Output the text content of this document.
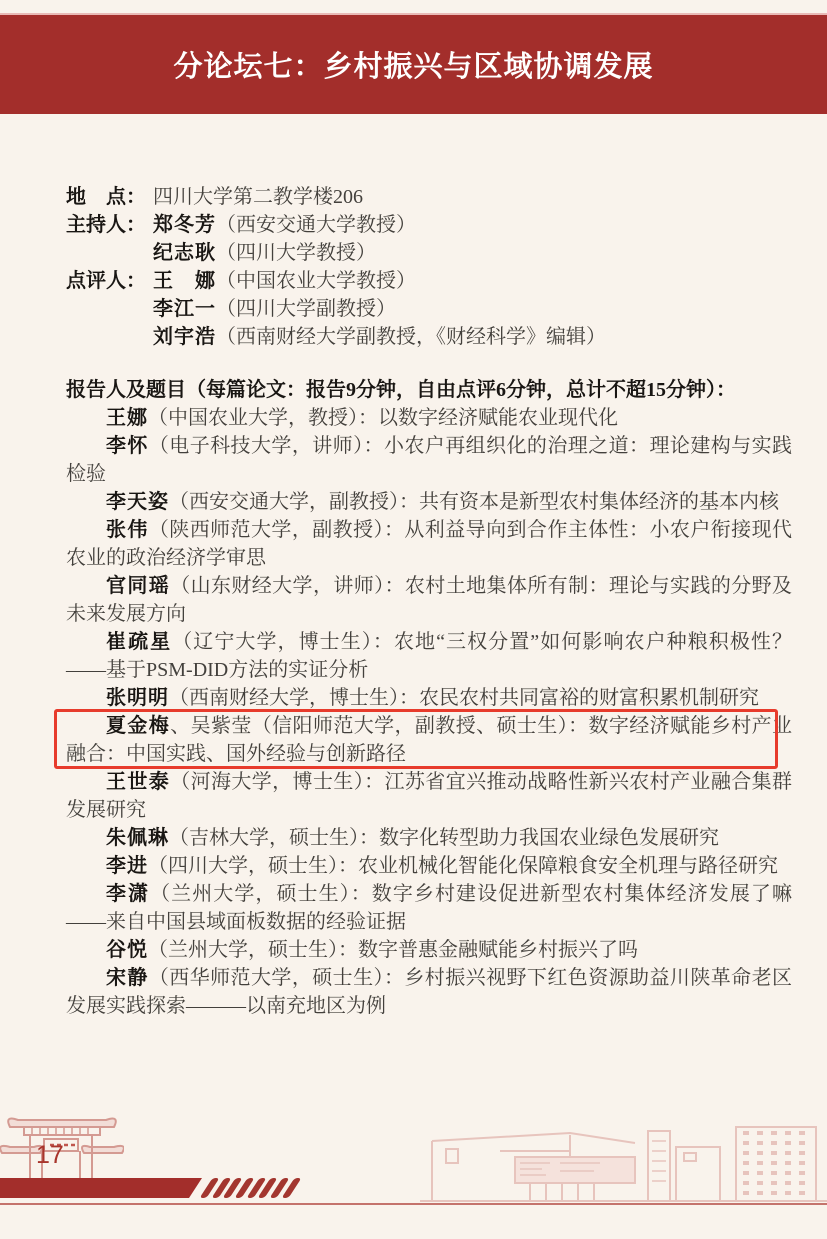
分论坛七：乡村振兴与区域协调发展
地　点： 四川大学第二教学楼206
主持人： 郑冬芳（西安交通大学教授）
纪志耿（四川大学教授）
点评人： 王　娜（中国农业大学教授）
李江一（四川大学副教授）
刘宇浩（西南财经大学副教授，《财经科学》编辑）

报告人及题目（每篇论文：报告9分钟，自由点评6分钟，总计不超15分钟）：

王娜（中国农业大学，教授）：以数字经济赋能农业现代化

李怀（电子科技大学，讲师）：小农户再组织化的治理之道：理论建构与实践检验

李天姿（西安交通大学，副教授）：共有资本是新型农村集体经济的基本内核

张伟（陕西师范大学，副教授）：从利益导向到合作主体性：小农户衔接现代农业的政治经济学审思

官同瑶（山东财经大学，讲师）：农村土地集体所有制：理论与实践的分野及未来发展方向

崔疏星（辽宁大学，博士生）：农地“三权分置”如何影响农户种粮积极性？——基于PSM-DID方法的实证分析

张明明（西南财经大学，博士生）：农民农村共同富裕的财富积累机制研究

夏金梅、吴紫莹（信阳师范大学，副教授、硕士生）：数字经济赋能乡村产业融合：中国实践、国外经验与创新路径

王世泰（河海大学，博士生）：江苏省宜兴推动战略性新兴农村产业融合集群发展研究

朱佩琳（吉林大学，硕士生）：数字化转型助力我国农业绿色发展研究

李进（四川大学，硕士生）：农业机械化智能化保障粮食安全机理与路径研究

李潇（兰州大学，硕士生）：数字乡村建设促进新型农村集体经济发展了嘛——来自中国县域面板数据的经验证据

谷悦（兰州大学，硕士生）：数字普惠金融赋能乡村振兴了吗

宋静（西华师范大学，硕士生）：乡村振兴视野下红色资源助益川陕革命老区发展实践探索———以南充地区为例

17
